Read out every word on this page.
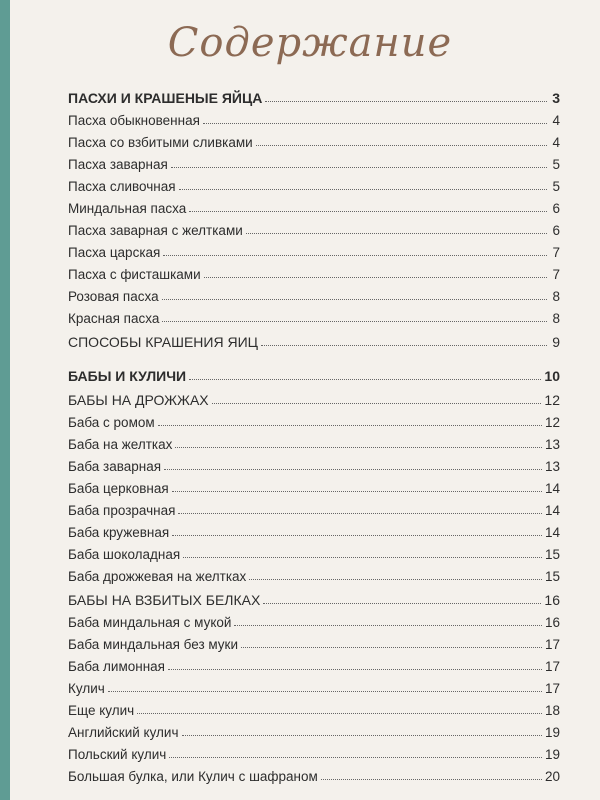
Содержание
ПАСХИ И КРАШЕНЫЕ ЯЙЦА	3
Пасха обыкновенная	4
Пасха со взбитыми сливками	4
Пасха заварная	5
Пасха сливочная	5
Миндальная пасха	6
Пасха заварная с желтками	6
Пасха царская	7
Пасха с фисташками	7
Розовая пасха	8
Красная пасха	8
СПОСОБЫ КРАШЕНИЯ ЯИЦ	9
БАБЫ И КУЛИЧИ	10
БАБЫ НА ДРОЖЖАХ	12
Баба с ромом	12
Баба на желтках	13
Баба заварная	13
Баба церковная	14
Баба прозрачная	14
Баба кружевная	14
Баба шоколадная	15
Баба дрожжевая на желтках	15
БАБЫ НА ВЗБИТЫХ БЕЛКАХ	16
Баба миндальная с мукой	16
Баба миндальная без муки	17
Баба лимонная	17
Кулич	17
Еще кулич	18
Английский кулич	19
Польский кулич	19
Большая булка, или Кулич с шафраном	20
